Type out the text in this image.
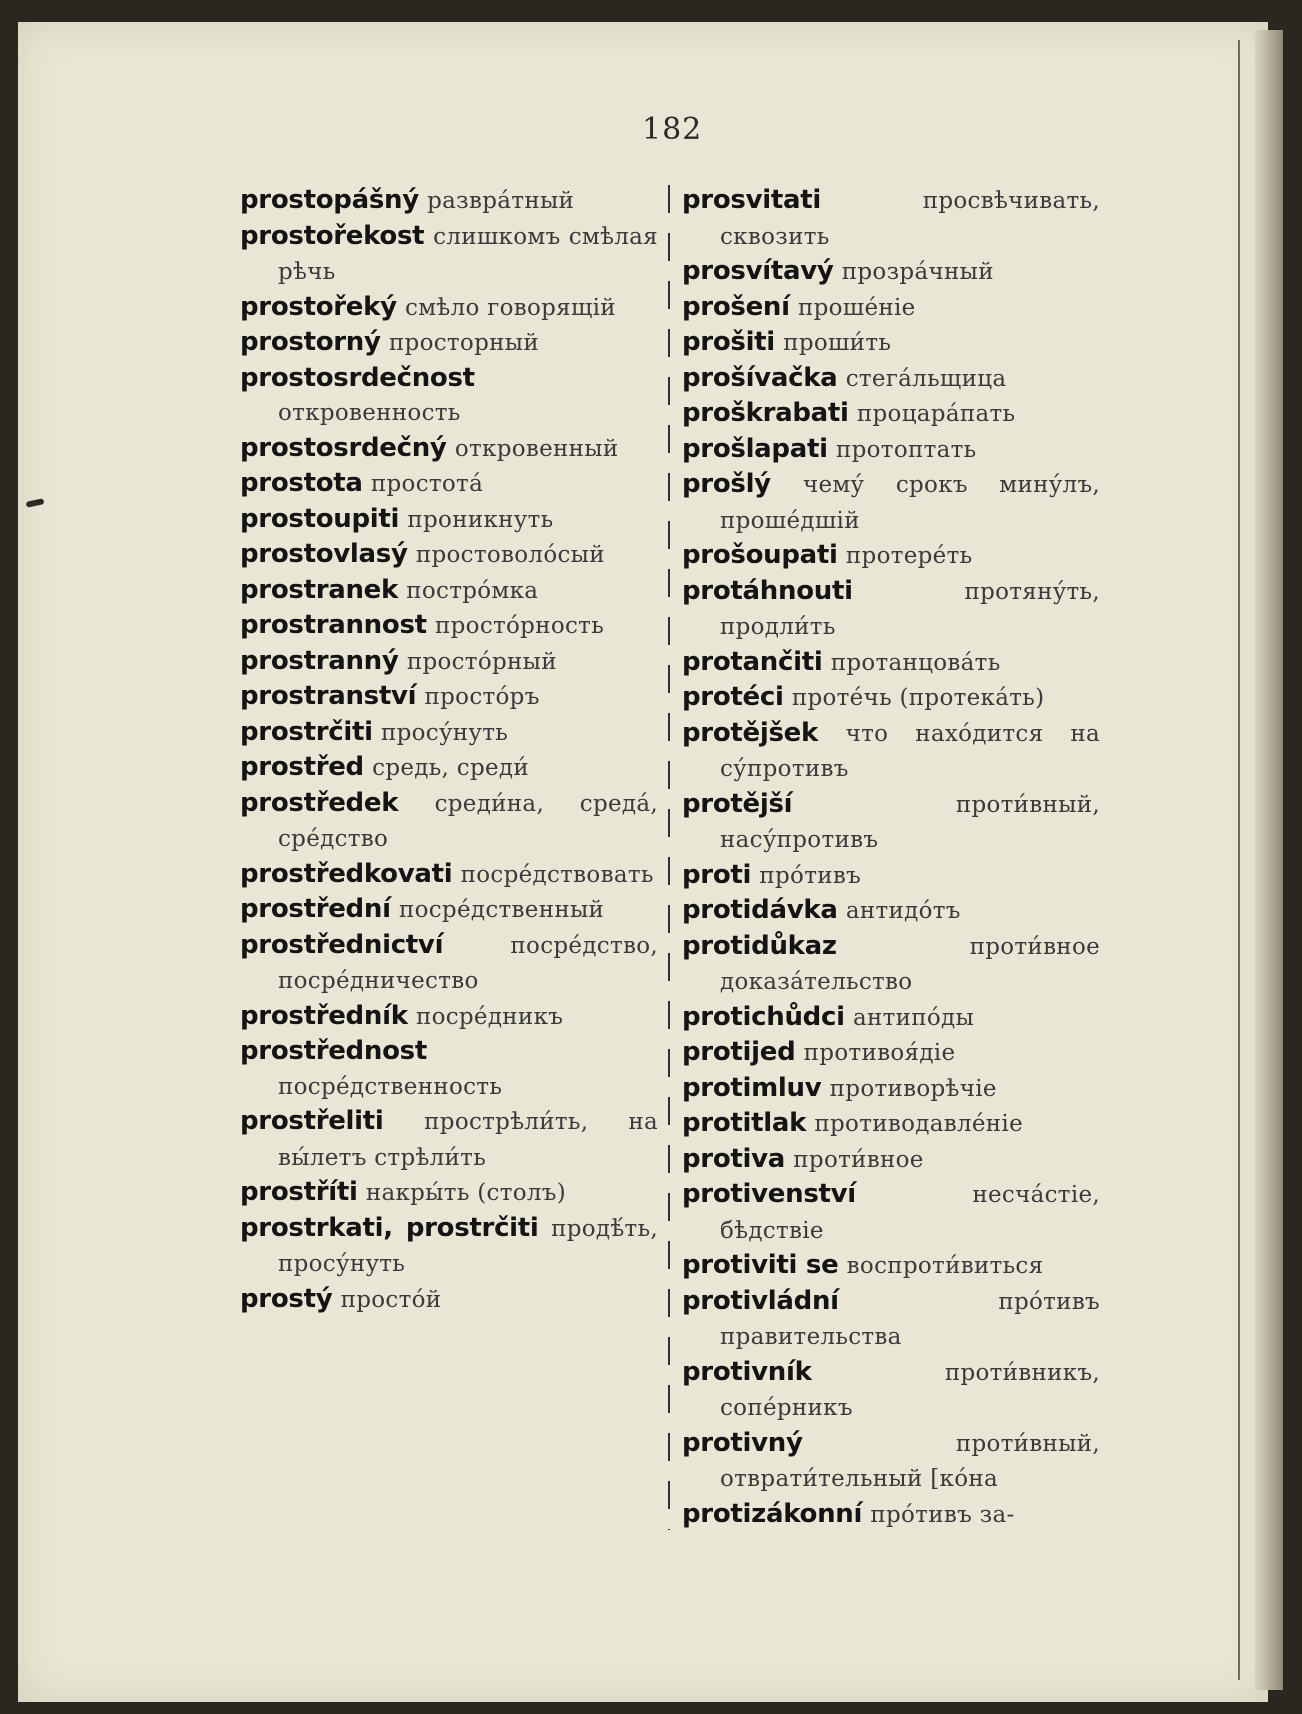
182
prostopášný развра́тный
prostořekost слишкомъ смѣлая рѣчь
prostořeký смѣло говорящій
prostorný просторный
prostosrdečnost откровенность
prostosrdečný откровенный
prostota простота́
prostoupiti проникнуть
prostovlasý простоволо́сый
prostranek постро́мка
prostrannost просто́рность
prostranný просто́рный
prostranství просто́ръ
prostrčiti просу́нуть
prostřed средь, среди́
prostředek среди́на, среда́, сре́дство
prostředkovati посре́дствовать
prostřední посре́дственный
prostřednictví	посре́дство, посре́дничество
prostředník посре́дникъ
prostřednost посре́дственность
prostřeliti прострѣли́ть, на вы́летъ стрѣли́ть
prostříti накры́ть (столъ)
prostrkati, prostrčiti продѣ́ть, просу́нуть
prostý просто́й
prosvitati	просвѣчивать, сквозить
prosvítavý прозра́чный
prošení проше́ніе
prošiti проши́ть
prošívačka стега́льщица
proškrabati процара́пать
prošlapati протоптать
prošlý чему́ срокъ мину́лъ, проше́дшій
prošoupati протере́ть
protáhnouti	протяну́ть, продли́ть
protančiti протанцова́ть
protéci проте́чь (протека́ть)
protějšek что нахо́дится на су́противъ
protější	проти́вный, насу́противъ
proti про́тивъ
protidávka антидо́тъ
protidůkaz	проти́вное доказа́тельство
protichůdci антипо́ды
protijed противоя́діе
protimluv противорѣчіе
protitlak противодавле́ніе
protiva проти́вное
protivenství	несча́стіе, бѣдствіе
protiviti se воспроти́виться
protivládní	про́тивъ правительства
protivník	проти́вникъ, сопе́рникъ
protivný	проти́вный, отврати́тельный [ко́на
protizákonní про́тивъ за-
